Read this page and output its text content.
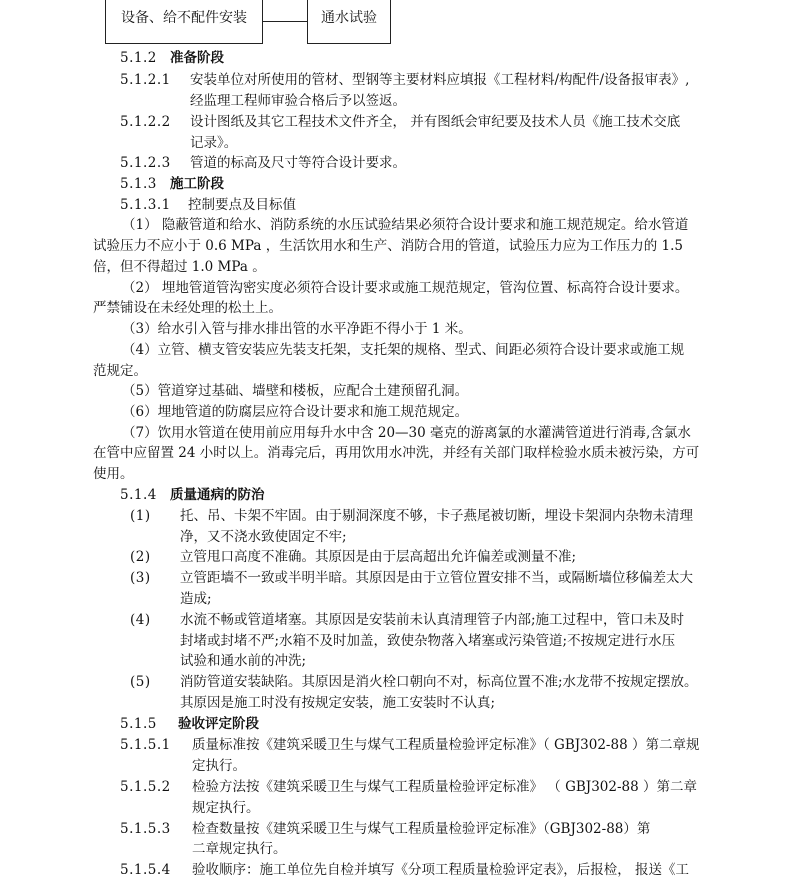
设备、给不配件安装	通水试验
5.1.2 准备阶段
5.1.2.1 安装单位对所使用的管材、型钢等主要材料应填报《工程材料/构配件/设备报审表》,
经监理工程师审验合格后予以签返。
5.1.2.2 设计图纸及其它工程技术文件齐全， 并有图纸会审纪要及技术人员《施工技术交底
记录》。
5.1.2.3 管道的标高及尺寸等符合设计要求。
5.1.3 施工阶段
5.1.3.1 控制要点及目标值
（1） 隐蔽管道和给水、消防系统的水压试验结果必须符合设计要求和施工规范规定。给水管道
试验压力不应小于 0.6 MPa ，生活饮用水和生产、消防合用的管道，试验压力应为工作压力的 1.5
倍，但不得超过 1.0 MPa 。
（2） 埋地管道管沟密实度必须符合设计要求或施工规范规定，管沟位置、标高符合设计要求。
严禁铺设在未经处理的松土上。
（3）给水引入管与排水排出管的水平净距不得小于 1 米。
（4）立管、横支管安装应先装支托架，支托架的规格、型式、间距必须符合设计要求或施工规
范规定。
（5）管道穿过基础、墙壁和楼板，应配合土建预留孔洞。
（6）埋地管道的防腐层应符合设计要求和施工规范规定。
（7）饮用水管道在使用前应用每升水中含 20—30 毫克的游离氯的水灌满管道进行消毒,含氯水
在管中应留置 24 小时以上。消毒完后，再用饮用水冲洗，并经有关部门取样检验水质未被污染，方可
使用。
5.1.4 质量通病的防治
(1) 托、吊、卡架不牢固。由于剔洞深度不够，卡子燕尾被切断，埋设卡架洞内杂物未清理
净，又不浇水致使固定不牢;
(2) 立管甩口高度不准确。其原因是由于层高超出允许偏差或测量不准;
(3) 立管距墙不一致或半明半暗。其原因是由于立管位置安排不当，或隔断墙位移偏差太大
造成;
(4) 水流不畅或管道堵塞。其原因是安装前未认真清理管子内部;施工过程中，管口未及时
封堵或封堵不严;水箱不及时加盖，致使杂物落入堵塞或污染管道;不按规定进行水压
试验和通水前的冲洗;
(5) 消防管道安装缺陷。其原因是消火栓口朝向不对，标高位置不准;水龙带不按规定摆放。
其原因是施工时没有按规定安装，施工安装时不认真;
5.1.5 验收评定阶段
5.1.5.1 质量标准按《建筑采暖卫生与煤气工程质量检验评定标准》（ GBJ302-88 ）第二章规
定执行。
5.1.5.2 检验方法按《建筑采暖卫生与煤气工程质量检验评定标准》 （ GBJ302-88 ）第二章
规定执行。
5.1.5.3 检查数量按《建筑采暖卫生与煤气工程质量检验评定标准》（GBJ302-88）第
二章规定执行。
5.1.5.4 验收顺序：施工单位先自检并填写《分项工程质量检验评定表》，后报检， 报送《工
